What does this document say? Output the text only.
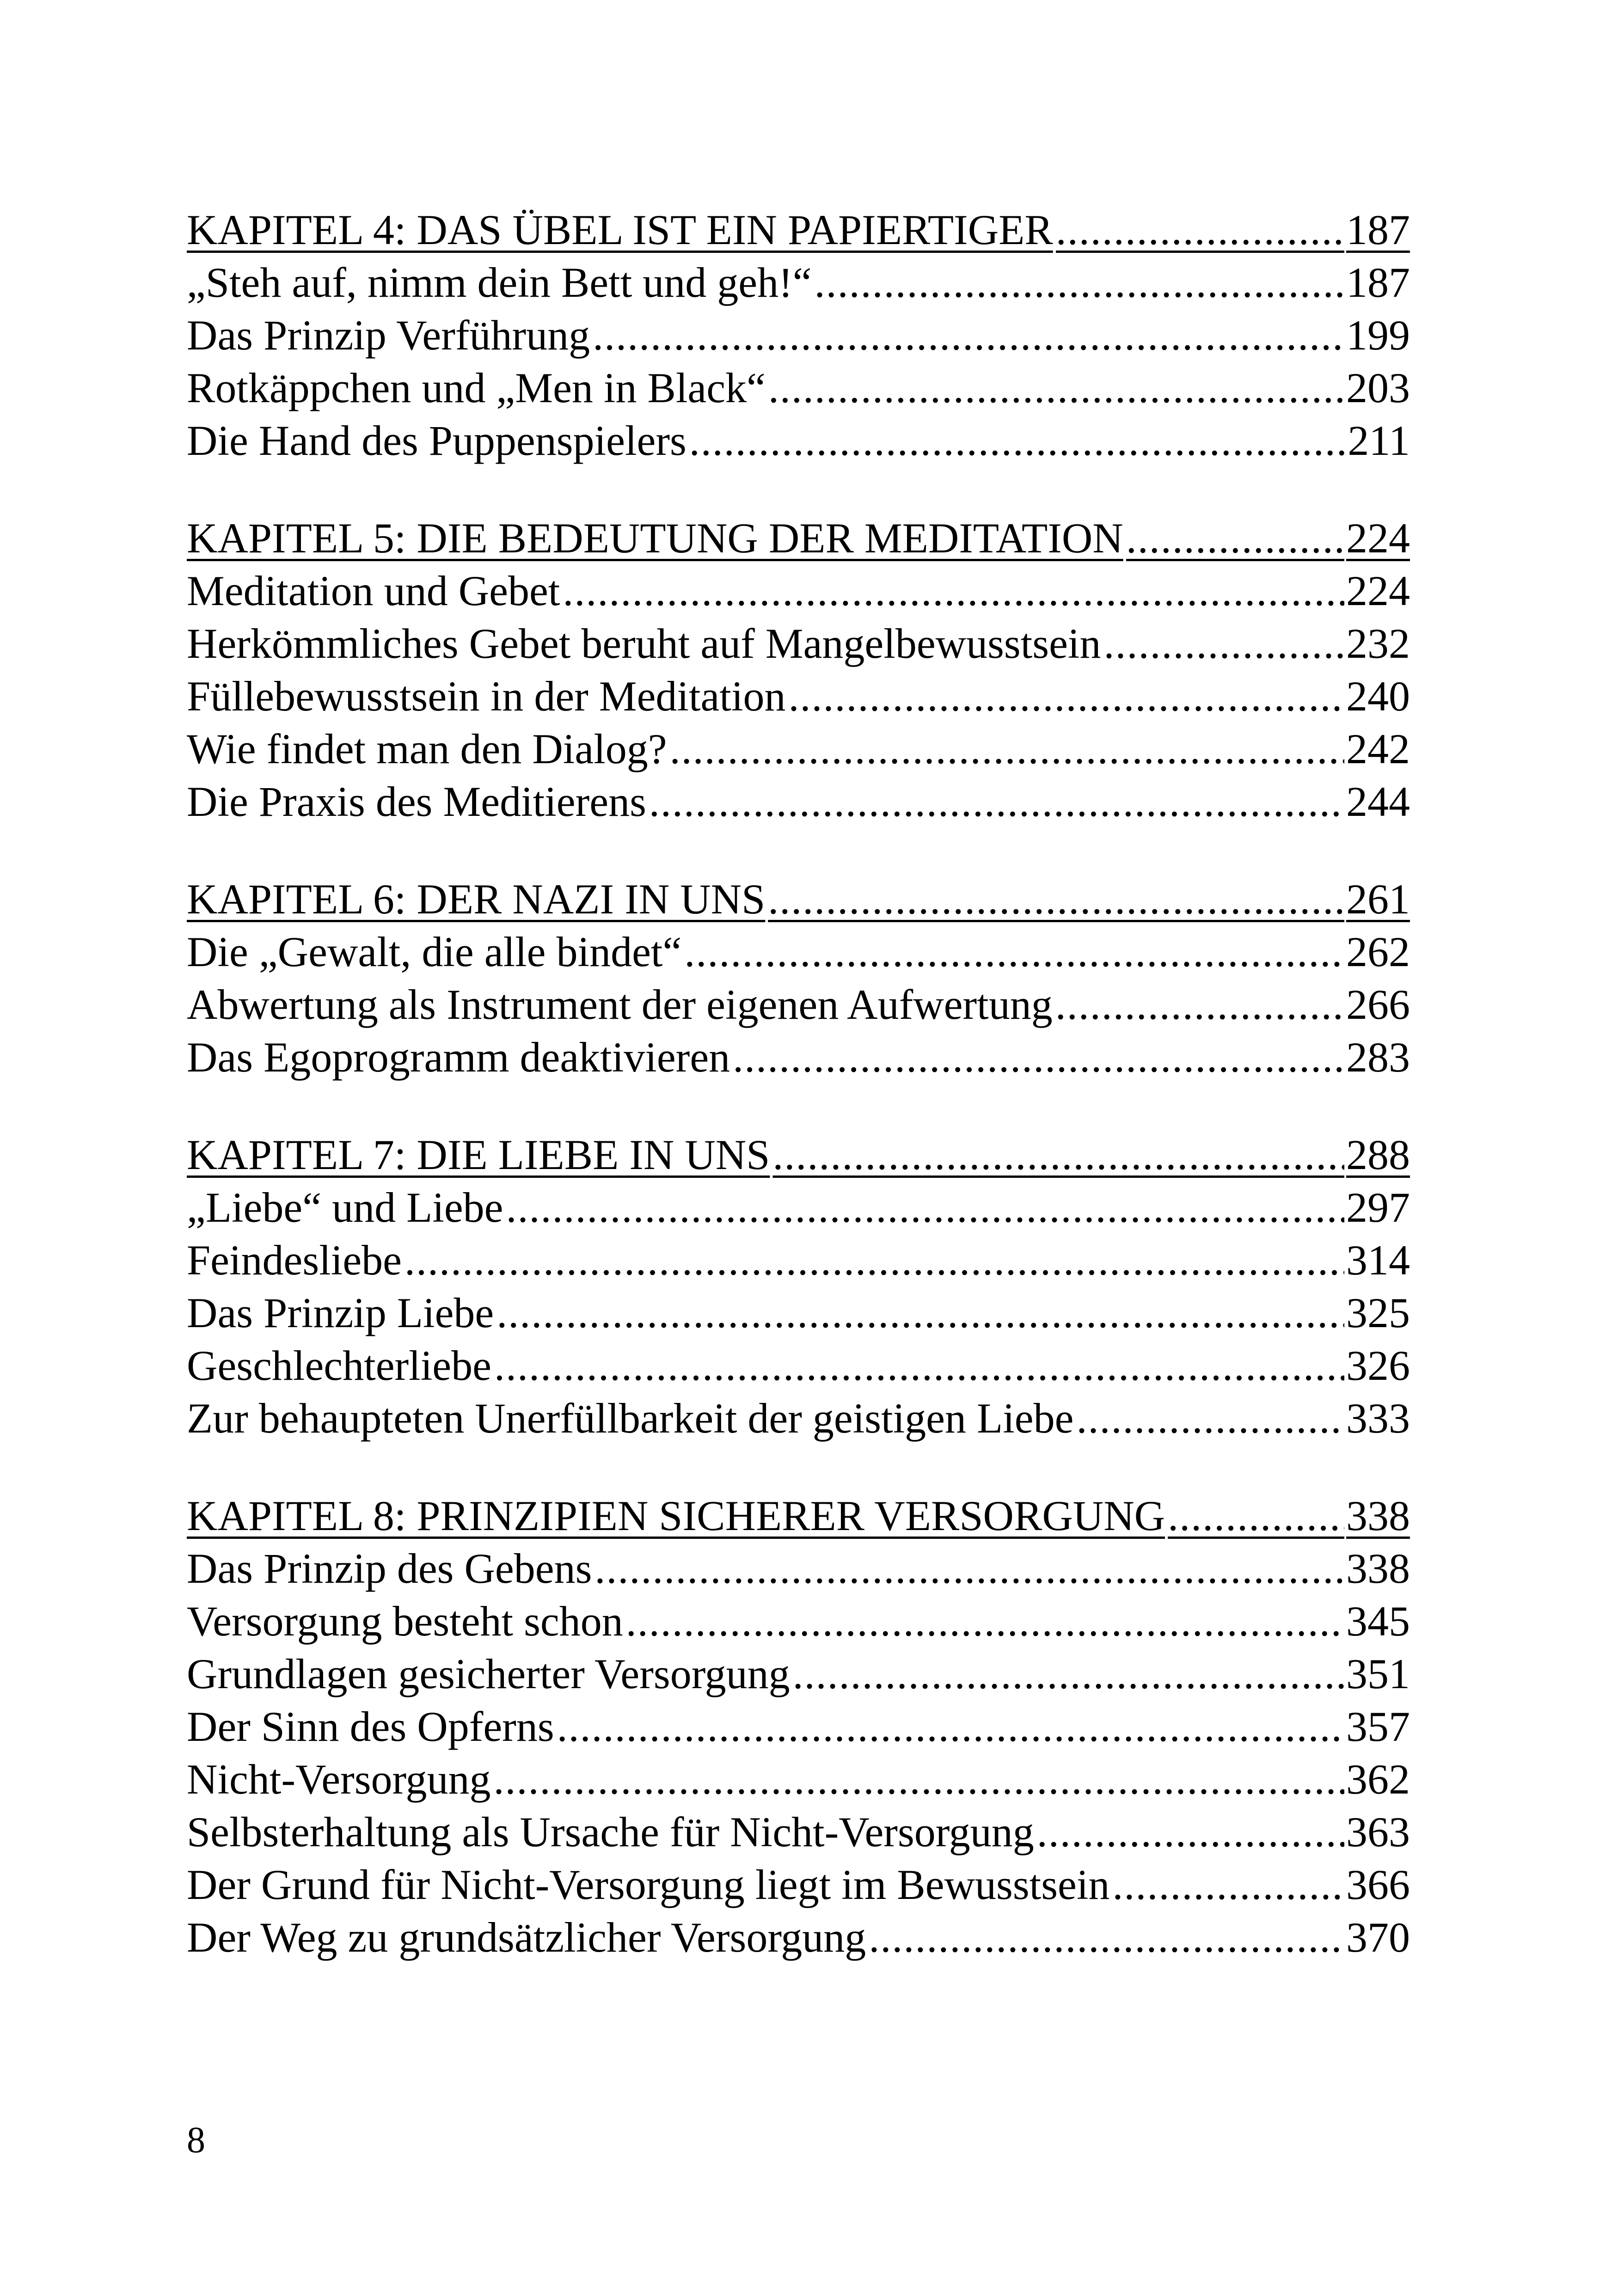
KAPITEL 4: DAS ÜBEL IST EIN PAPIERTIGER .....	187
„Steh auf, nimm dein Bett und geh!“ .....	187
Das Prinzip Verführung .....	199
Rotkäppchen und „Men in Black“ .....	203
Die Hand des Puppenspielers .....	211
KAPITEL 5: DIE BEDEUTUNG DER MEDITATION .....	224
Meditation und Gebet .....	224
Herkömmliches Gebet beruht auf Mangelbewusstsein .....	232
Füllebewusstsein in der Meditation .....	240
Wie findet man den Dialog? .....	242
Die Praxis des Meditierens .....	244
KAPITEL 6: DER NAZI IN UNS .....	261
Die „Gewalt, die alle bindet“ .....	262
Abwertung als Instrument der eigenen Aufwertung .....	266
Das Egoprogramm deaktivieren .....	283
KAPITEL 7: DIE LIEBE IN UNS .....	288
„Liebe“ und Liebe .....	297
Feindesliebe .....	314
Das Prinzip Liebe .....	325
Geschlechterliebe .....	326
Zur behaupteten Unerfüllbarkeit der geistigen Liebe .....	333
KAPITEL 8: PRINZIPIEN SICHERER VERSORGUNG .....	338
Das Prinzip des Gebens .....	338
Versorgung besteht schon .....	345
Grundlagen gesicherter Versorgung .....	351
Der Sinn des Opferns .....	357
Nicht-Versorgung .....	362
Selbsterhaltung als Ursache für Nicht-Versorgung .....	363
Der Grund für Nicht-Versorgung liegt im Bewusstsein .....	366
Der Weg zu grundsätzlicher Versorgung .....	370
8
